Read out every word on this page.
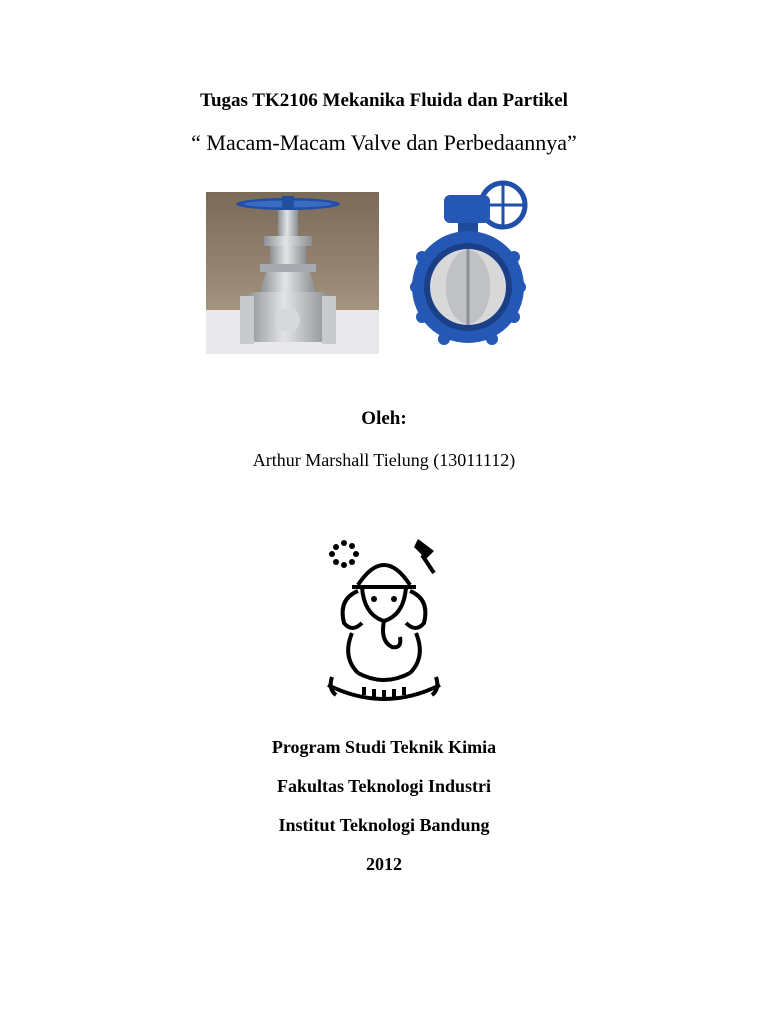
Tugas TK2106 Mekanika Fluida dan Partikel
“ Macam-Macam Valve dan Perbedaannya”
Oleh:
Arthur Marshall Tielung (13011112)
Program Studi Teknik Kimia
Fakultas Teknologi Industri
Institut Teknologi Bandung
2012
